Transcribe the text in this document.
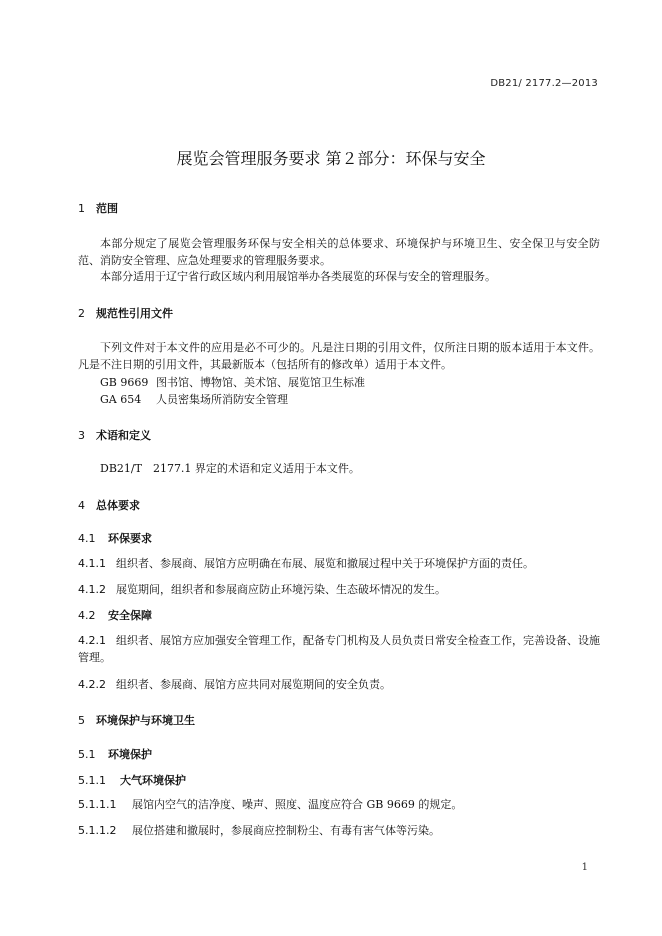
DB21/ 2177.2—2013
展览会管理服务要求 第２部分：环保与安全
1 范围
本部分规定了展览会管理服务环保与安全相关的总体要求、环境保护与环境卫生、安全保卫与安全防范、消防安全管理、应急处理要求的管理服务要求。
本部分适用于辽宁省行政区域内利用展馆举办各类展览的环保与安全的管理服务。
2 规范性引用文件
下列文件对于本文件的应用是必不可少的。凡是注日期的引用文件，仅所注日期的版本适用于本文件。凡是不注日期的引用文件，其最新版本（包括所有的修改单）适用于本文件。
GB 9669 图书馆、博物馆、美术馆、展览馆卫生标准
GA 654 人员密集场所消防安全管理
3 术语和定义
DB21/T　2177.1 界定的术语和定义适用于本文件。
4 总体要求
4.1 环保要求
4.1.1 组织者、参展商、展馆方应明确在布展、展览和撤展过程中关于环境保护方面的责任。
4.1.2 展览期间，组织者和参展商应防止环境污染、生态破坏情况的发生。
4.2 安全保障
4.2.1 组织者、展馆方应加强安全管理工作，配备专门机构及人员负责日常安全检查工作，完善设备、设施管理。
4.2.2 组织者、参展商、展馆方应共同对展览期间的安全负责。
5 环境保护与环境卫生
5.1 环境保护
5.1.1 大气环境保护
5.1.1.1 展馆内空气的洁净度、噪声、照度、温度应符合 GB 9669 的规定。
5.1.1.2 展位搭建和撤展时，参展商应控制粉尘、有毒有害气体等污染。
1
